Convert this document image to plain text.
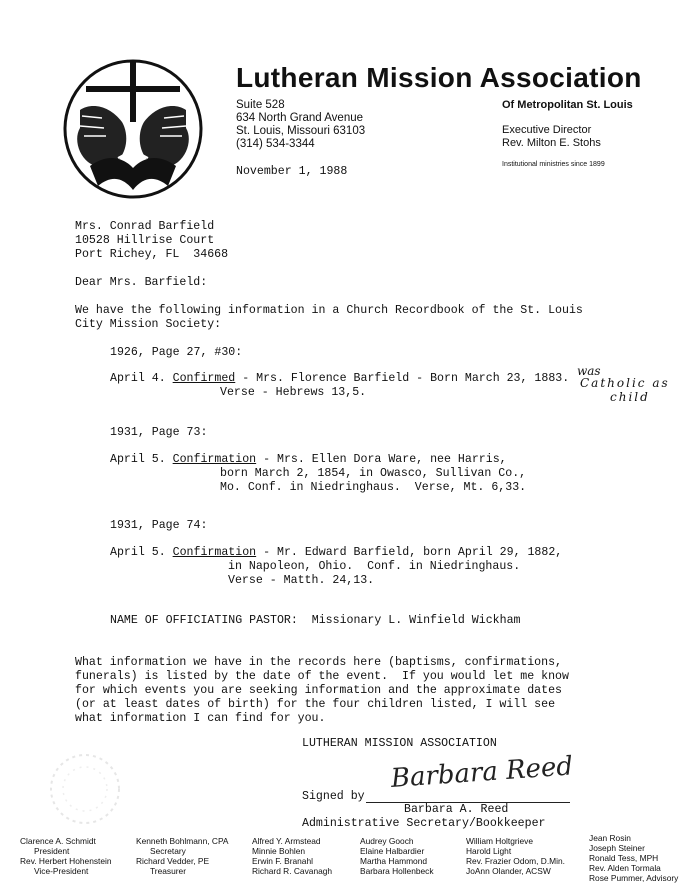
Lutheran Mission Association
Suite 528
634 North Grand Avenue
St. Louis, Missouri 63103
(314) 534-3344
Of Metropolitan St. Louis
Executive Director
Rev. Milton E. Stohs
Institutional ministries since 1899
November 1, 1988
Mrs. Conrad Barfield
10528 Hillrise Court
Port Richey, FL  34668
Dear Mrs. Barfield:
We have the following information in a Church Recordbook of the St. Louis
City Mission Society:
1926, Page 27, #30:
April 4. Confirmed - Mrs. Florence Barfield - Born March 23, 1883.
Verse - Hebrews 13,5.
was
Catholic as
child
1931, Page 73:
April 5. Confirmation - Mrs. Ellen Dora Ware, nee Harris,
born March 2, 1854, in Owasco, Sullivan Co.,
Mo. Conf. in Niedringhaus.  Verse, Mt. 6,33.
1931, Page 74:
April 5. Confirmation - Mr. Edward Barfield, born April 29, 1882,
in Napoleon, Ohio.  Conf. in Niedringhaus.
Verse - Matth. 24,13.
NAME OF OFFICIATING PASTOR:  Missionary L. Winfield Wickham
What information we have in the records here (baptisms, confirmations,
funerals) is listed by the date of the event.  If you would let me know
for which events you are seeking information and the approximate dates
(or at least dates of birth) for the four children listed, I will see
what information I can find for you.
LUTHERAN MISSION ASSOCIATION
Signed by
Barbara Reed
Barbara A. Reed
Administrative Secretary/Bookkeeper
Clarence A. Schmidt
President
Rev. Herbert Hohenstein
Vice-President
Kenneth Bohlmann, CPA
Secretary
Richard Vedder, PE
Treasurer
Alfred Y. Armstead
Minnie Bohlen
Erwin F. Branahl
Richard R. Cavanagh
Audrey Gooch
Elaine Halbardier
Martha Hammond
Barbara Hollenbeck
William Holtgrieve
Harold Light
Rev. Frazier Odom, D.Min.
JoAnn Olander, ACSW
Jean Rosin
Joseph Steiner
Ronald Tess, MPH
Rev. Alden Tormala
Rose Pummer, Advisory
